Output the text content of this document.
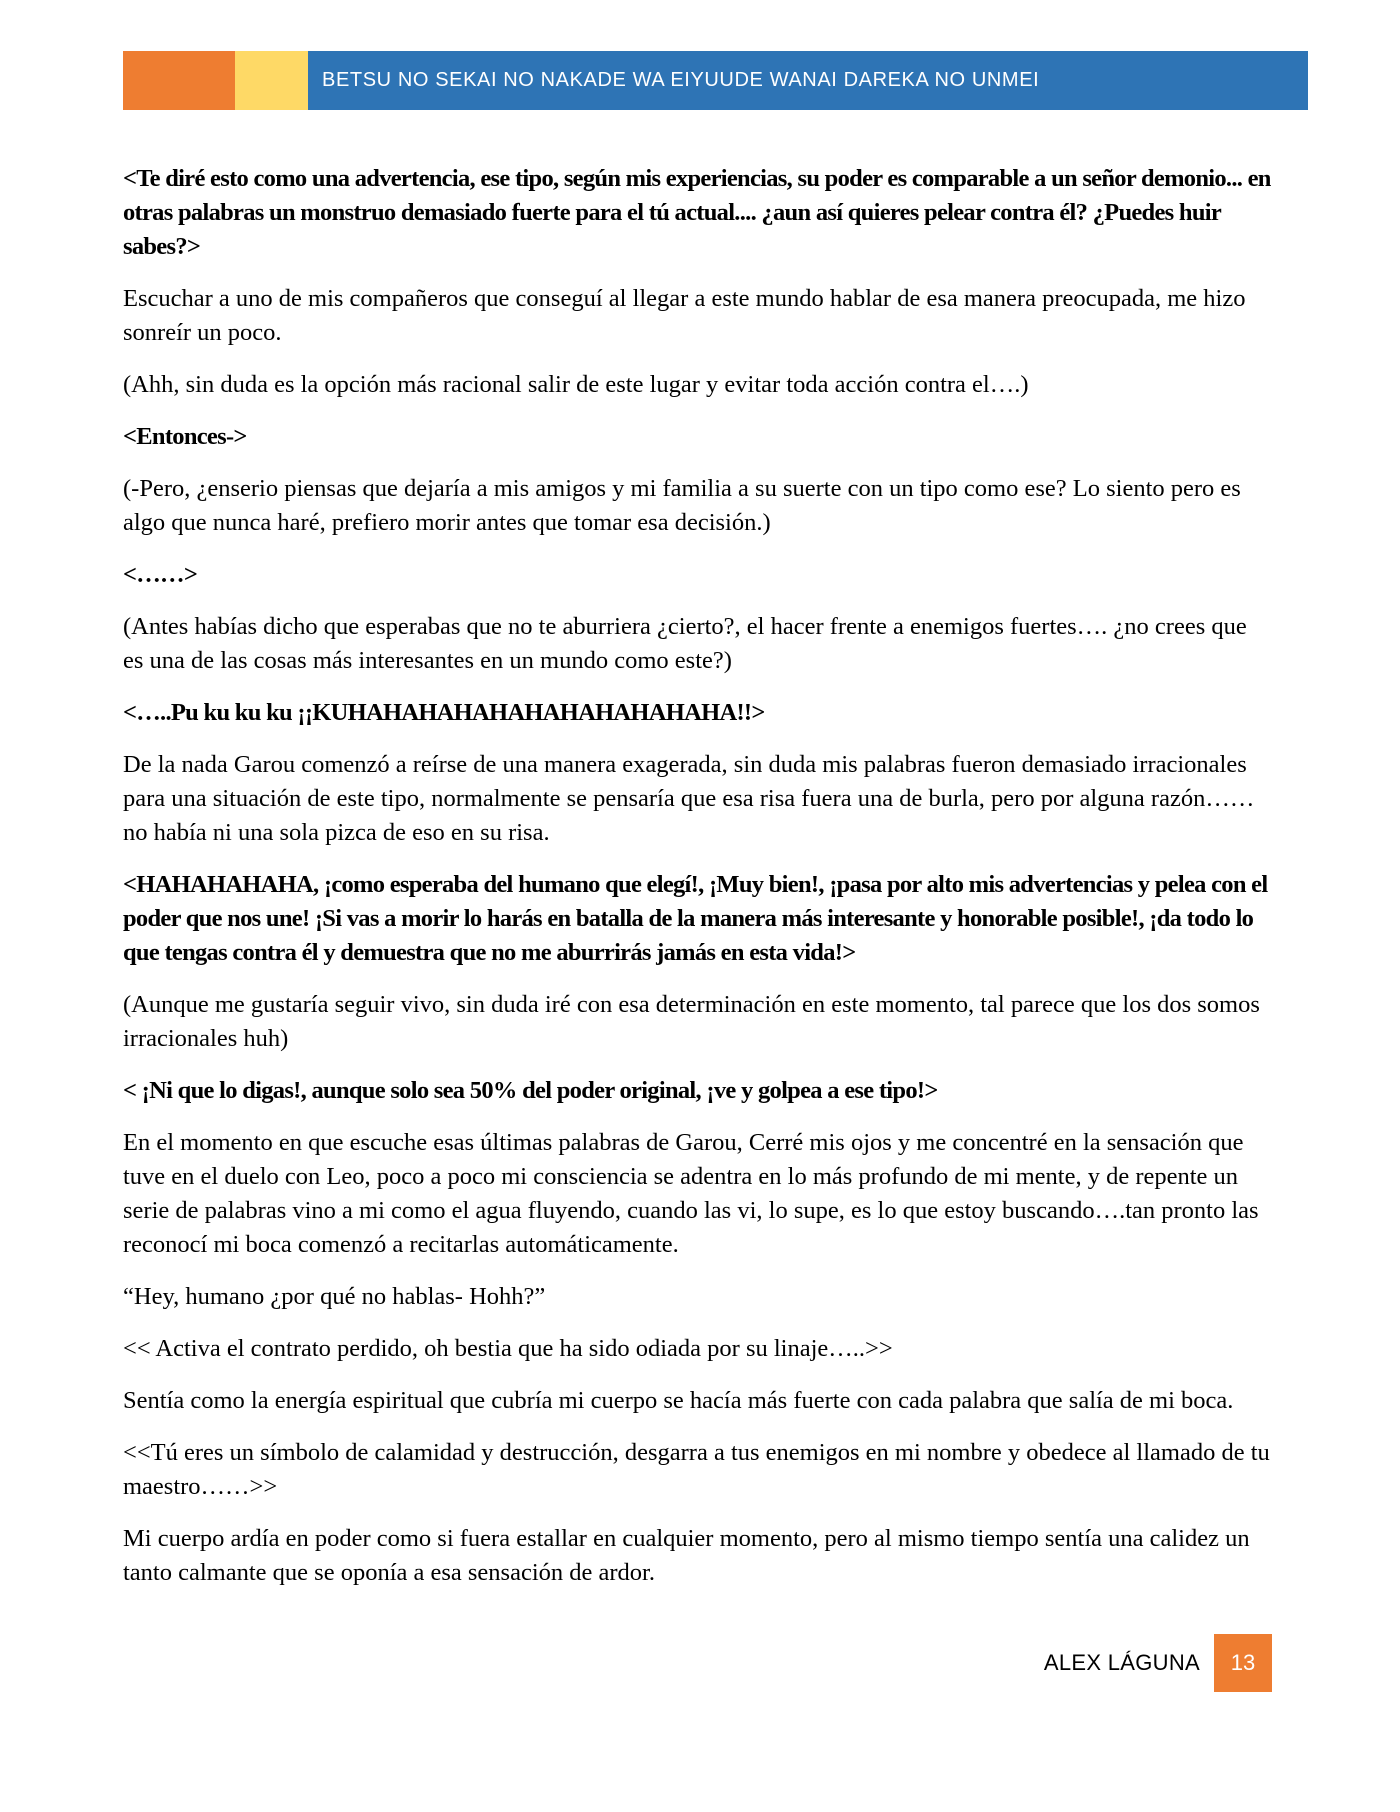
BETSU NO SEKAI NO NAKADE WA EIYUUDE WANAI DAREKA NO UNMEI

<Te diré esto como una advertencia, ese tipo, según mis experiencias, su poder es comparable a un señor demonio... en otras palabras un monstruo demasiado fuerte para el tú actual.... ¿aun así quieres pelear contra él? ¿Puedes huir sabes?>

Escuchar a uno de mis compañeros que conseguí al llegar a este mundo hablar de esa manera preocupada, me hizo sonreír un poco.

(Ahh, sin duda es la opción más racional salir de este lugar y evitar toda acción contra el….)

<Entonces->

(-Pero, ¿enserio piensas que dejaría a mis amigos y mi familia a su suerte con un tipo como ese? Lo siento pero es algo que nunca haré, prefiero morir antes que tomar esa decisión.)

<……>

(Antes habías dicho que esperabas que no te aburriera ¿cierto?, el hacer frente a enemigos fuertes…. ¿no crees que es una de las cosas más interesantes en un mundo como este?)

<…..Pu ku ku ku ¡¡KUHAHAHAHAHAHAHAHAHAHAHA!!>

De la nada Garou comenzó a reírse de una manera exagerada, sin duda mis palabras fueron demasiado irracionales para una situación de este tipo, normalmente se pensaría que esa risa fuera una de burla, pero por alguna razón……no había ni una sola pizca de eso en su risa.

<HAHAHAHAHA, ¡como esperaba del humano que elegí!, ¡Muy bien!, ¡pasa por alto mis advertencias y pelea con el poder que nos une! ¡Si vas a morir lo harás en batalla de la manera más interesante y honorable posible!, ¡da todo lo que tengas contra él y demuestra que no me aburrirás jamás en esta vida!>

(Aunque me gustaría seguir vivo, sin duda iré con esa determinación en este momento, tal parece que los dos somos irracionales huh)

< ¡Ni que lo digas!, aunque solo sea 50% del poder original, ¡ve y golpea a ese tipo!>

En el momento en que escuche esas últimas palabras de Garou, Cerré mis ojos y me concentré en la sensación que tuve en el duelo con Leo, poco a poco mi consciencia se adentra en lo más profundo de mi mente, y de repente un serie de palabras vino a mi como el agua fluyendo, cuando las vi, lo supe, es lo que estoy buscando….tan pronto las reconocí mi boca comenzó a recitarlas automáticamente.

“Hey, humano ¿por qué no hablas- Hohh?”

<< Activa el contrato perdido, oh bestia que ha sido odiada por su linaje…..>>

Sentía como la energía espiritual que cubría mi cuerpo se hacía más fuerte con cada palabra que salía de mi boca.

<<Tú eres un símbolo de calamidad y destrucción, desgarra a tus enemigos en mi nombre y obedece al llamado de tu maestro……>>

Mi cuerpo ardía en poder como si fuera estallar en cualquier momento, pero al mismo tiempo sentía una calidez un tanto calmante que se oponía a esa sensación de ardor.

ALEX LÁGUNA	13
